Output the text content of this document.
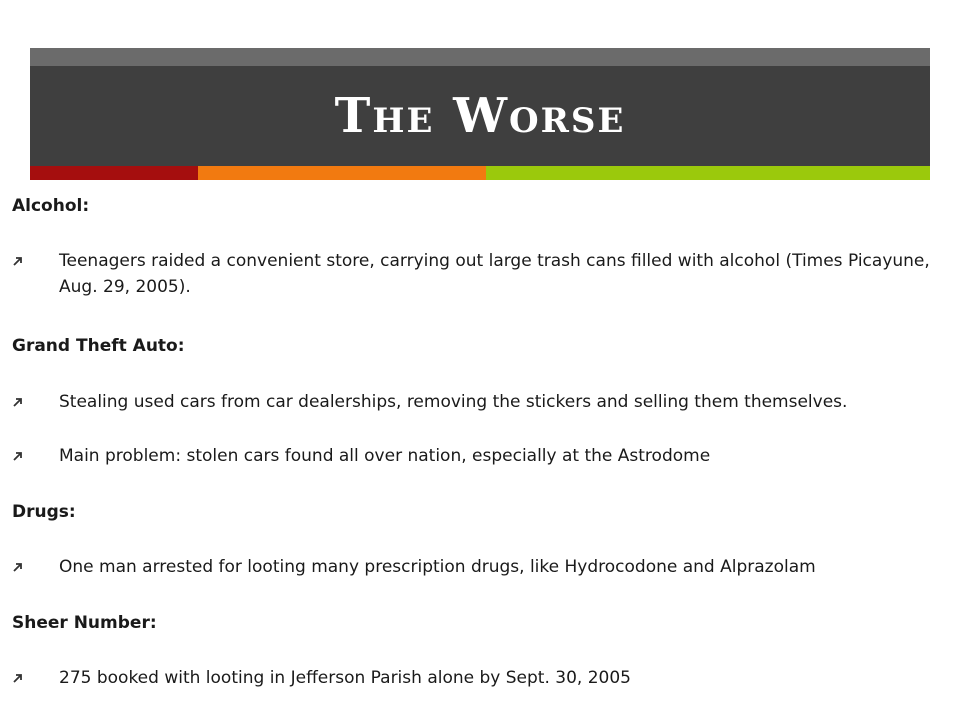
The Worse
Alcohol:
Teenagers raided a convenient store, carrying out large trash cans filled with alcohol (Times Picayune, Aug. 29, 2005).
Grand Theft Auto:
Stealing used cars from car dealerships, removing the stickers and selling them themselves.
Main problem: stolen cars found all over nation, especially at the Astrodome
Drugs:
One man arrested for looting many prescription drugs, like Hydrocodone and Alprazolam
Sheer Number:
275 booked with looting in Jefferson Parish alone by Sept. 30, 2005
